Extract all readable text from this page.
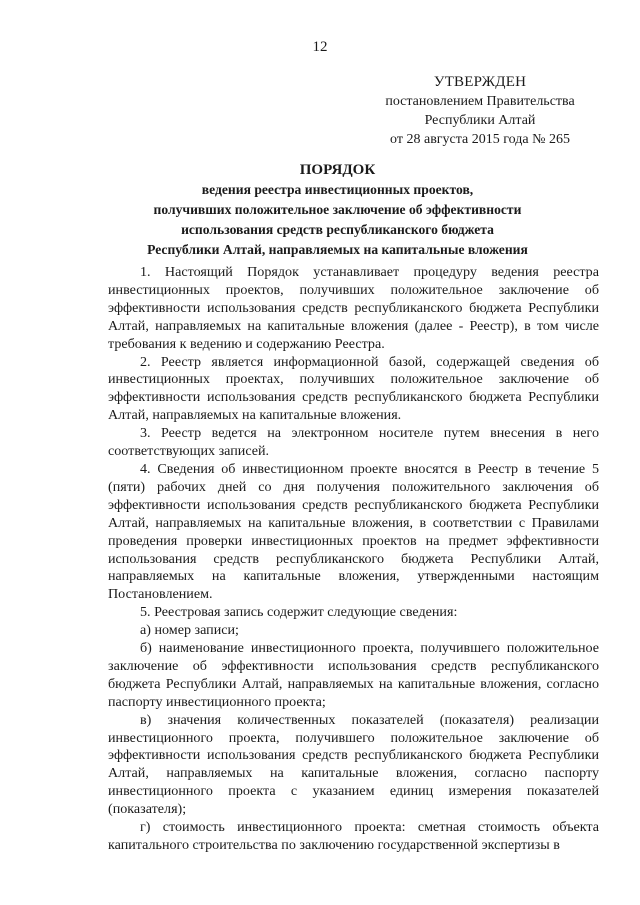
12
УТВЕРЖДЕН
постановлением Правительства
Республики Алтай
от 28 августа 2015 года № 265
ПОРЯДОК
ведения реестра инвестиционных проектов,
получивших положительное заключение об эффективности
использования средств республиканского бюджета
Республики Алтай, направляемых на капитальные вложения

1. Настоящий Порядок устанавливает процедуру ведения реестра инвестиционных проектов, получивших положительное заключение об эффективности использования средств республиканского бюджета Республики Алтай, направляемых на капитальные вложения (далее - Реестр), в том числе требования к ведению и содержанию Реестра.

2. Реестр является информационной базой, содержащей сведения об инвестиционных проектах, получивших положительное заключение об эффективности использования средств республиканского бюджета Республики Алтай, направляемых на капитальные вложения.

3. Реестр ведется на электронном носителе путем внесения в него соответствующих записей.

4. Сведения об инвестиционном проекте вносятся в Реестр в течение 5 (пяти) рабочих дней со дня получения положительного заключения об эффективности использования средств республиканского бюджета Республики Алтай, направляемых на капитальные вложения, в соответствии с Правилами проведения проверки инвестиционных проектов на предмет эффективности использования средств республиканского бюджета Республики Алтай, направляемых на капитальные вложения, утвержденными настоящим Постановлением.

5. Реестровая запись содержит следующие сведения:

а) номер записи;

б) наименование инвестиционного проекта, получившего положительное заключение об эффективности использования средств республиканского бюджета Республики Алтай, направляемых на капитальные вложения, согласно паспорту инвестиционного проекта;

в) значения количественных показателей (показателя) реализации инвестиционного проекта, получившего положительное заключение об эффективности использования средств республиканского бюджета Республики Алтай, направляемых на капитальные вложения, согласно паспорту инвестиционного проекта с указанием единиц измерения показателей (показателя);

г) стоимость инвестиционного проекта: сметная стоимость объекта капитального строительства по заключению государственной экспертизы в
